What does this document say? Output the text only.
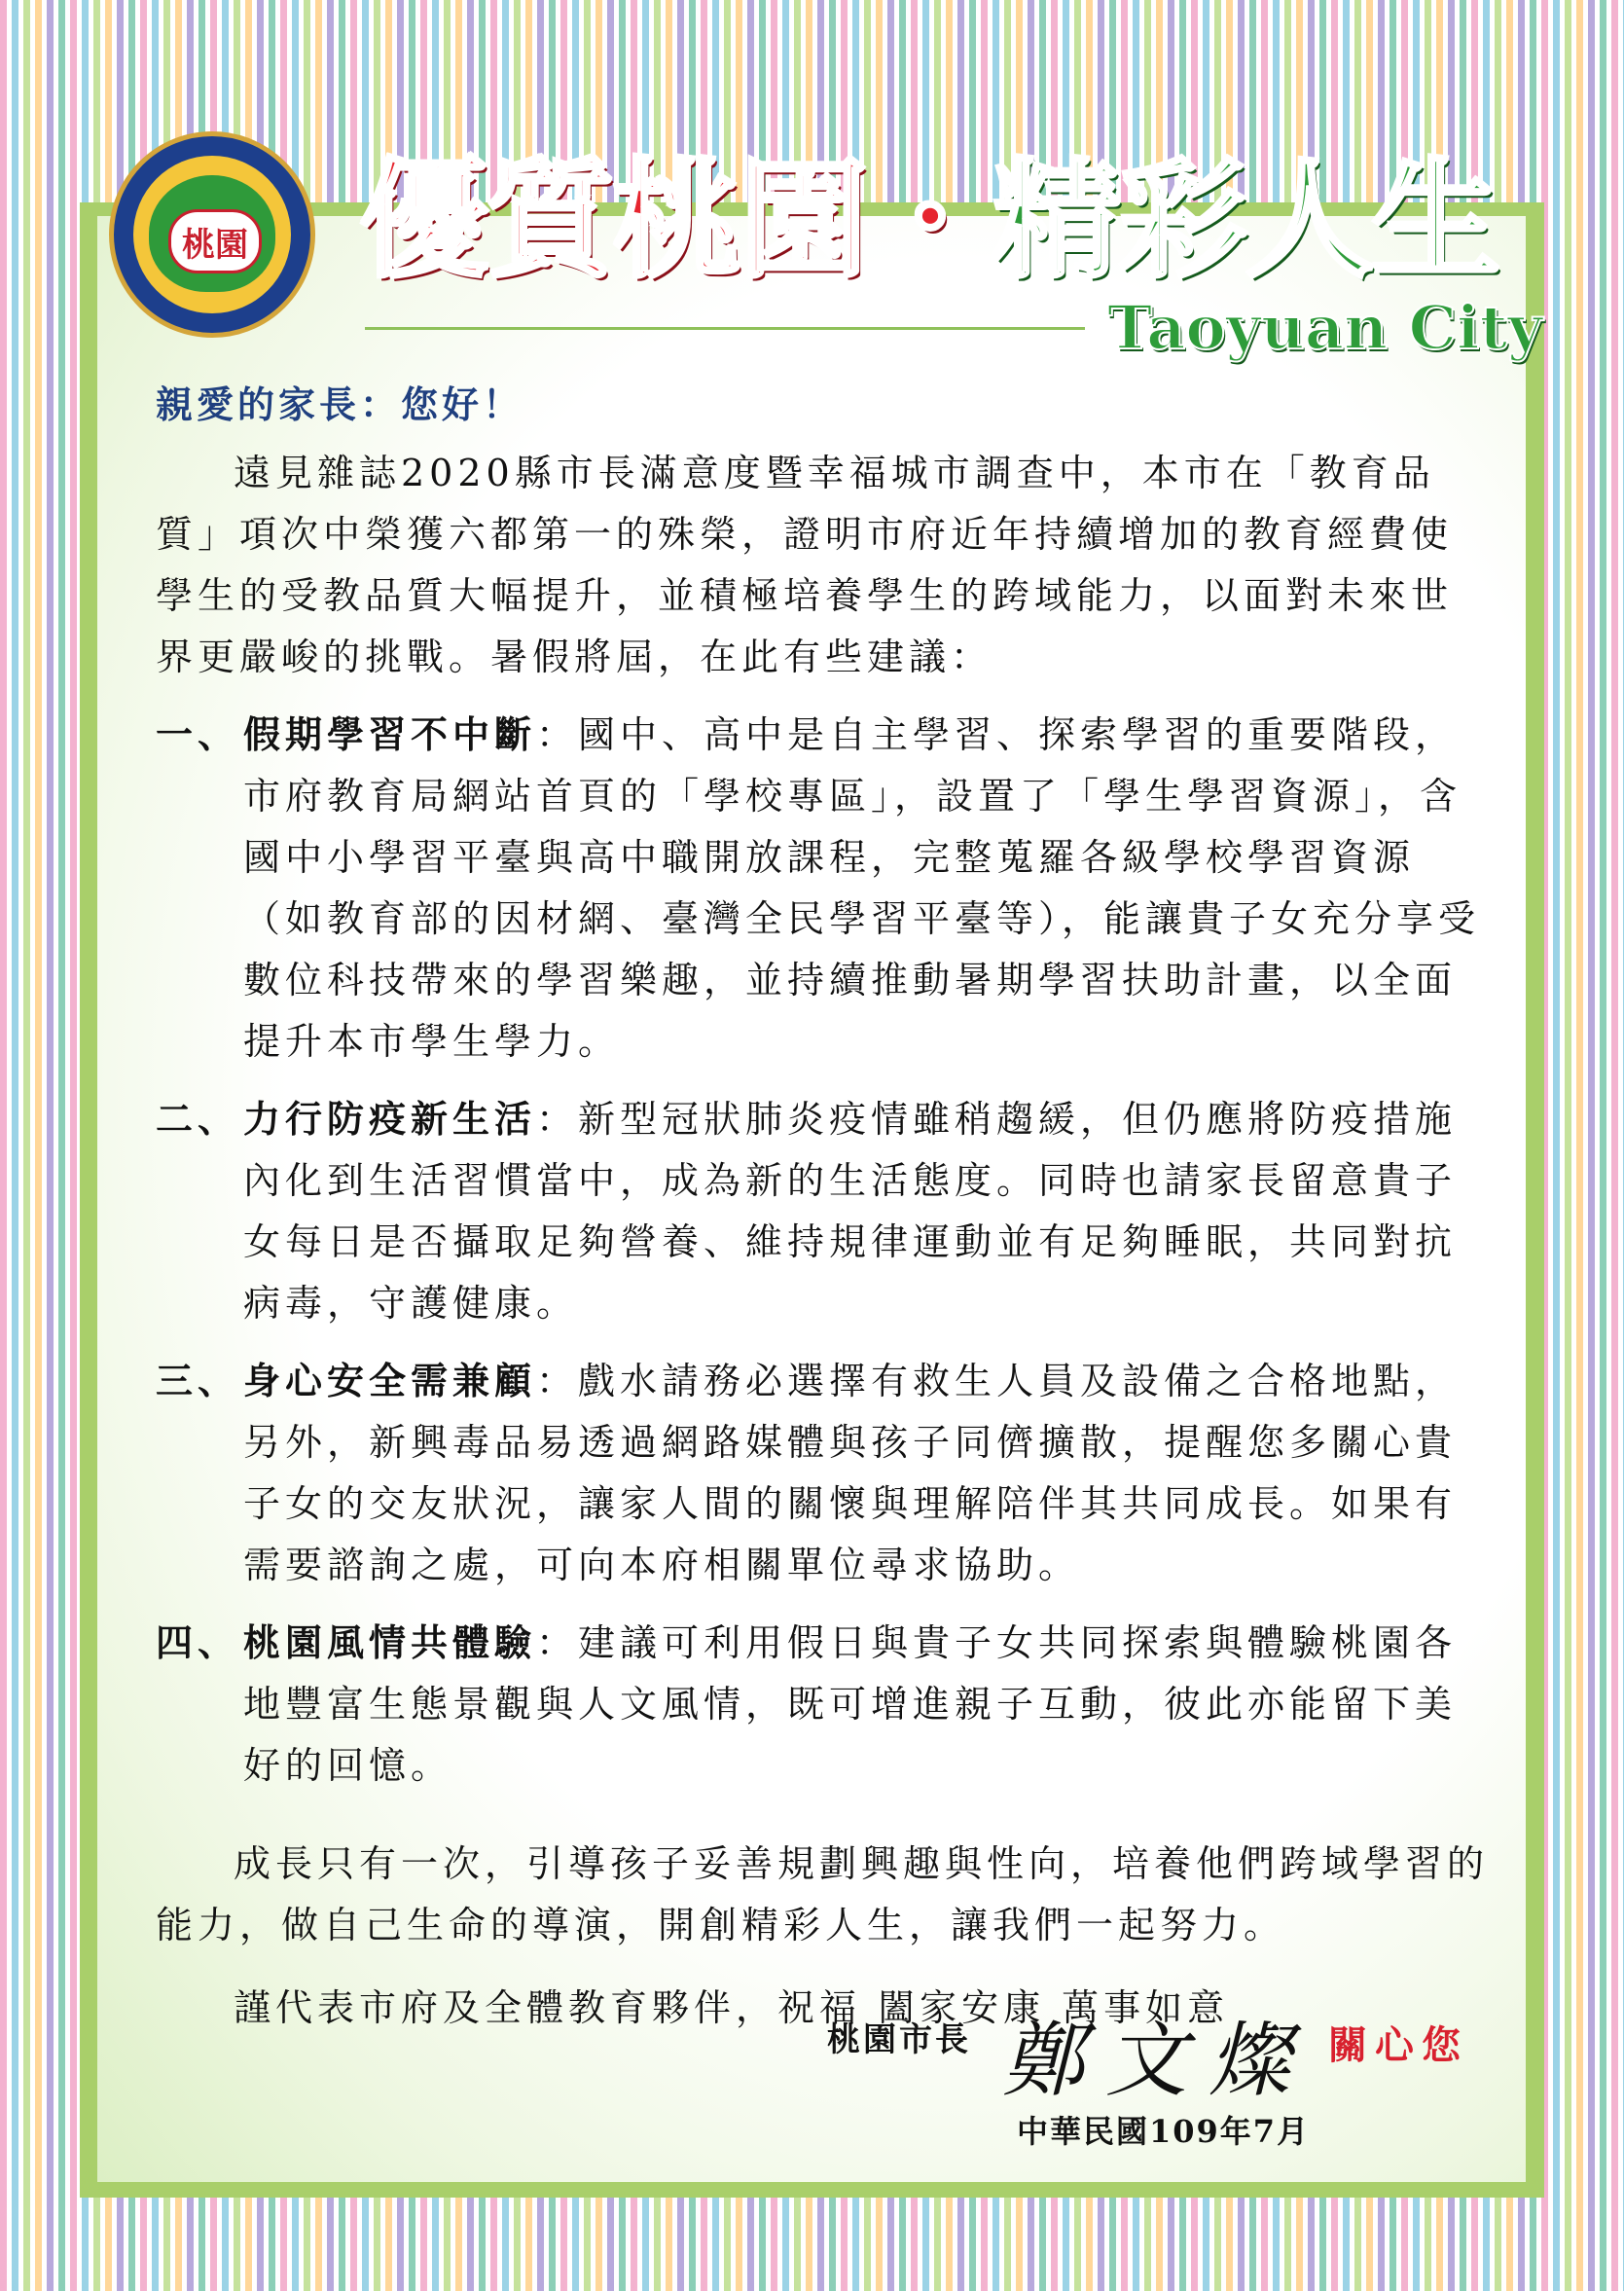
桃園 優質桃園 ・ 精彩人生
Taoyuan City
親愛的家長：您好！

遠見雜誌2020縣市長滿意度暨幸福城市調查中，本市在「教育品質」項次中榮獲六都第一的殊榮，證明市府近年持續增加的教育經費使學生的受教品質大幅提升，並積極培養學生的跨域能力，以面對未來世界更嚴峻的挑戰。暑假將屆，在此有些建議：

一、 假期學習不中斷：國中、高中是自主學習、探索學習的重要階段，市府教育局網站首頁的「學校專區」，設置了「學生學習資源」，含國中小學習平臺與高中職開放課程，完整蒐羅各級學校學習資源（如教育部的因材網、臺灣全民學習平臺等），能讓貴子女充分享受數位科技帶來的學習樂趣，並持續推動暑期學習扶助計畫，以全面提升本市學生學力。
二、 力行防疫新生活：新型冠狀肺炎疫情雖稍趨緩，但仍應將防疫措施內化到生活習慣當中，成為新的生活態度。同時也請家長留意貴子女每日是否攝取足夠營養、維持規律運動並有足夠睡眠，共同對抗病毒，守護健康。
三、 身心安全需兼顧：戲水請務必選擇有救生人員及設備之合格地點，另外，新興毒品易透過網路媒體與孩子同儕擴散，提醒您多關心貴子女的交友狀況，讓家人間的關懷與理解陪伴其共同成長。如果有需要諮詢之處，可向本府相關單位尋求協助。
四、 桃園風情共體驗：建議可利用假日與貴子女共同探索與體驗桃園各地豐富生態景觀與人文風情，既可增進親子互動，彼此亦能留下美好的回憶。

成長只有一次，引導孩子妥善規劃興趣與性向，培養他們跨域學習的能力，做自己生命的導演，開創精彩人生，讓我們一起努力。

謹代表市府及全體教育夥伴，祝福 闔家安康 萬事如意

桃園市長 鄭文燦 關心您
中華民國109年7月
